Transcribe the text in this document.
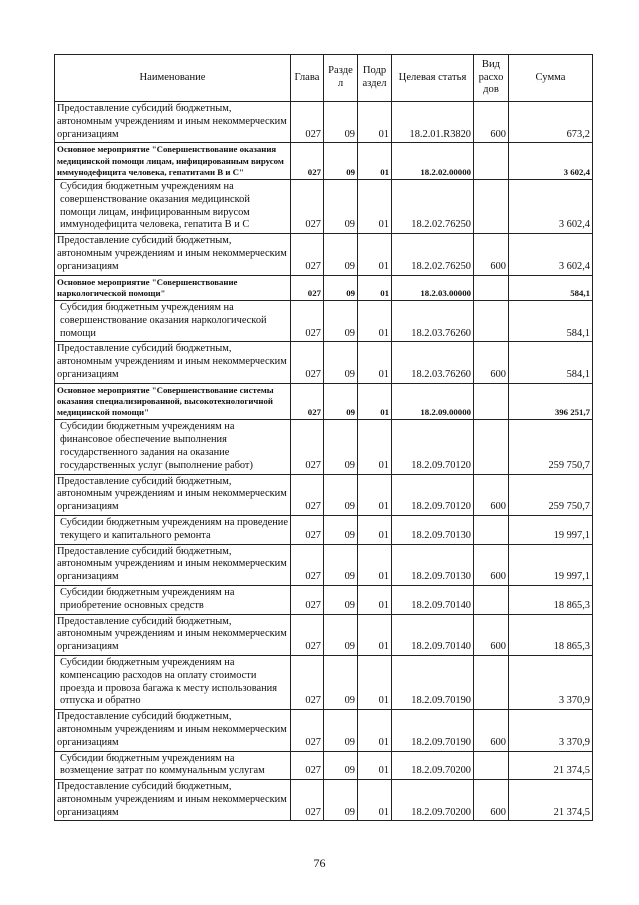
Наименование	Глава	Разде л	Подр аздел	Целевая статья	Вид расхо дов	Сумма
Предоставление субсидий бюджетным, автономным учреждениям и иным некоммерческим организациям	027	09	01	18.2.01.R3820	600	673,2
Основное мероприятие "Совершенствование оказания медицинской помощи лицам, инфицированным вирусом иммунодефицита человека, гепатитами В и С"	027	09	01	18.2.02.00000		3 602,4
Субсидия бюджетным учреждениям на совершенствование оказания медицинской помощи лицам, инфицированным вирусом иммунодефицита человека, гепатита В и С	027	09	01	18.2.02.76250		3 602,4
Предоставление субсидий бюджетным, автономным учреждениям и иным некоммерческим организациям	027	09	01	18.2.02.76250	600	3 602,4
Основное мероприятие "Совершенствование наркологической помощи"	027	09	01	18.2.03.00000		584,1
Субсидия бюджетным учреждениям на совершенствование оказания наркологической помощи	027	09	01	18.2.03.76260		584,1
Предоставление субсидий бюджетным, автономным учреждениям и иным некоммерческим организациям	027	09	01	18.2.03.76260	600	584,1
Основное мероприятие "Совершенствование системы оказания специализированной, высокотехнологичной медицинской помощи"	027	09	01	18.2.09.00000		396 251,7
Субсидии бюджетным учреждениям на финансовое обеспечение выполнения государственного задания на оказание государственных услуг (выполнение работ)	027	09	01	18.2.09.70120		259 750,7
Предоставление субсидий бюджетным, автономным учреждениям и иным некоммерческим организациям	027	09	01	18.2.09.70120	600	259 750,7
Субсидии бюджетным учреждениям на проведение текущего и капитального ремонта	027	09	01	18.2.09.70130		19 997,1
Предоставление субсидий бюджетным, автономным учреждениям и иным некоммерческим организациям	027	09	01	18.2.09.70130	600	19 997,1
Субсидии бюджетным учреждениям на приобретение основных средств	027	09	01	18.2.09.70140		18 865,3
Предоставление субсидий бюджетным, автономным учреждениям и иным некоммерческим организациям	027	09	01	18.2.09.70140	600	18 865,3
Субсидии бюджетным учреждениям на компенсацию расходов на оплату стоимости проезда и провоза багажа к месту использования отпуска и обратно	027	09	01	18.2.09.70190		3 370,9
Предоставление субсидий бюджетным, автономным учреждениям и иным некоммерческим организациям	027	09	01	18.2.09.70190	600	3 370,9
Субсидии бюджетным учреждениям на возмещение затрат по коммунальным услугам	027	09	01	18.2.09.70200		21 374,5
Предоставление субсидий бюджетным, автономным учреждениям и иным некоммерческим организациям	027	09	01	18.2.09.70200	600	21 374,5
76
